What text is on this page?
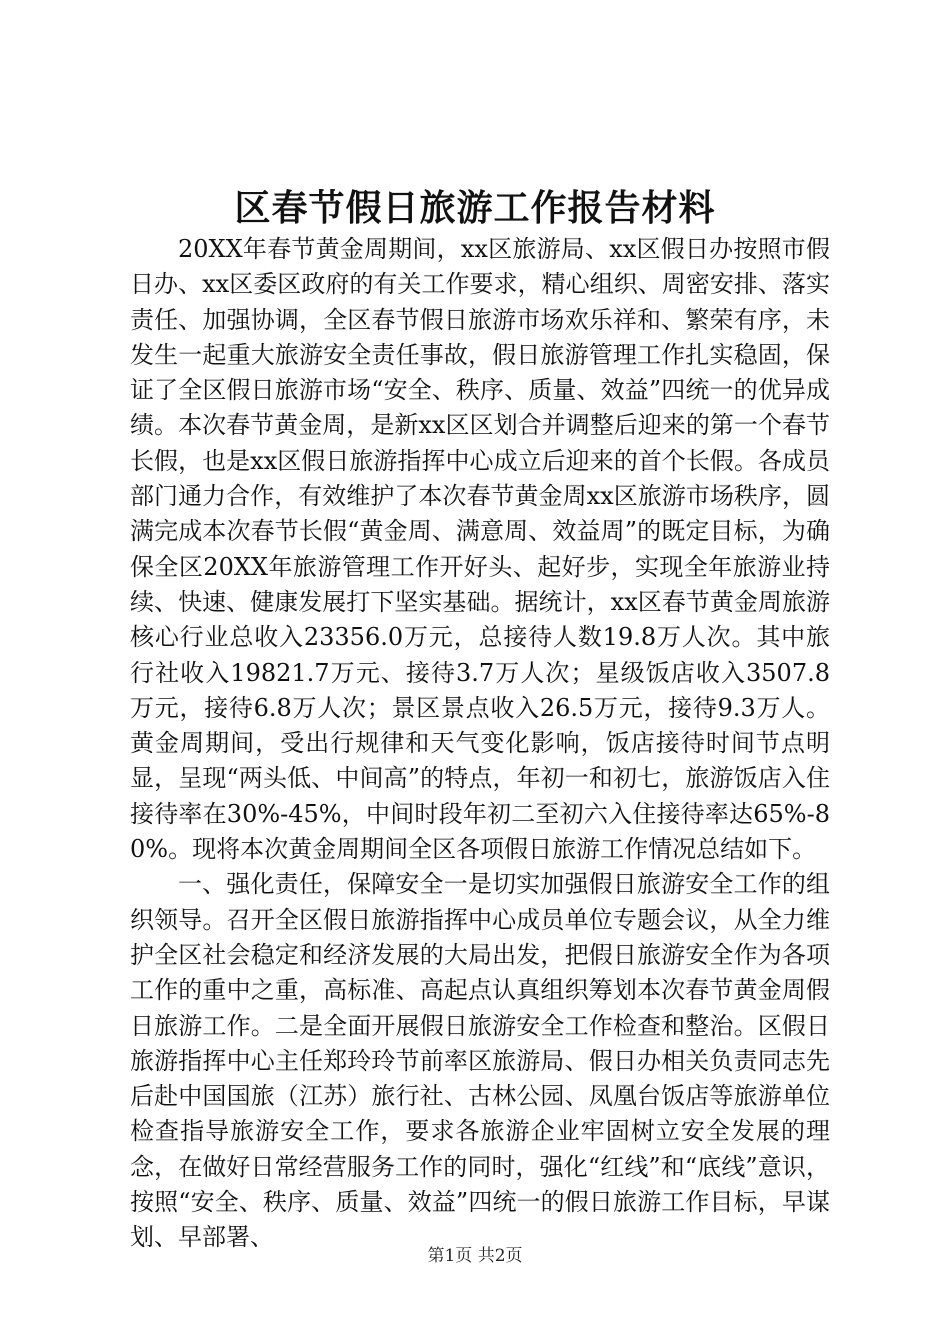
区春节假日旅游工作报告材料

20XX年春节黄金周期间，xx区旅游局、xx区假日办按照市假日办、xx区委区政府的有关工作要求，精心组织、周密安排、落实责任、加强协调，全区春节假日旅游市场欢乐祥和、繁荣有序，未发生一起重大旅游安全责任事故，假日旅游管理工作扎实稳固，保证了全区假日旅游市场“安全、秩序、质量、效益”四统一的优异成绩。本次春节黄金周，是新xx区区划合并调整后迎来的第一个春节长假，也是xx区假日旅游指挥中心成立后迎来的首个长假。各成员部门通力合作，有效维护了本次春节黄金周xx区旅游市场秩序，圆满完成本次春节长假“黄金周、满意周、效益周”的既定目标，为确保全区20XX年旅游管理工作开好头、起好步，实现全年旅游业持续、快速、健康发展打下坚实基础。据统计，xx区春节黄金周旅游核心行业总收入23356.0万元，总接待人数19.8万人次。其中旅行社收入19821.7万元、接待3.7万人次；星级饭店收入3507.8万元，接待6.8万人次；景区景点收入26.5万元，接待9.3万人。黄金周期间，受出行规律和天气变化影响，饭店接待时间节点明显，呈现“两头低、中间高”的特点，年初一和初七，旅游饭店入住接待率在30%-45%，中间时段年初二至初六入住接待率达65%-80%。现将本次黄金周期间全区各项假日旅游工作情况总结如下。

一、强化责任，保障安全一是切实加强假日旅游安全工作的组织领导。召开全区假日旅游指挥中心成员单位专题会议，从全力维护全区社会稳定和经济发展的大局出发，把假日旅游安全作为各项工作的重中之重，高标准、高起点认真组织筹划本次春节黄金周假日旅游工作。二是全面开展假日旅游安全工作检查和整治。区假日旅游指挥中心主任郑玲玲节前率区旅游局、假日办相关负责同志先后赴中国国旅（江苏）旅行社、古林公园、凤凰台饭店等旅游单位检查指导旅游安全工作，要求各旅游企业牢固树立安全发展的理念，在做好日常经营服务工作的同时，强化“红线”和“底线”意识，按照“安全、秩序、质量、效益”四统一的假日旅游工作目标，早谋划、早部署、

第1页 共2页
